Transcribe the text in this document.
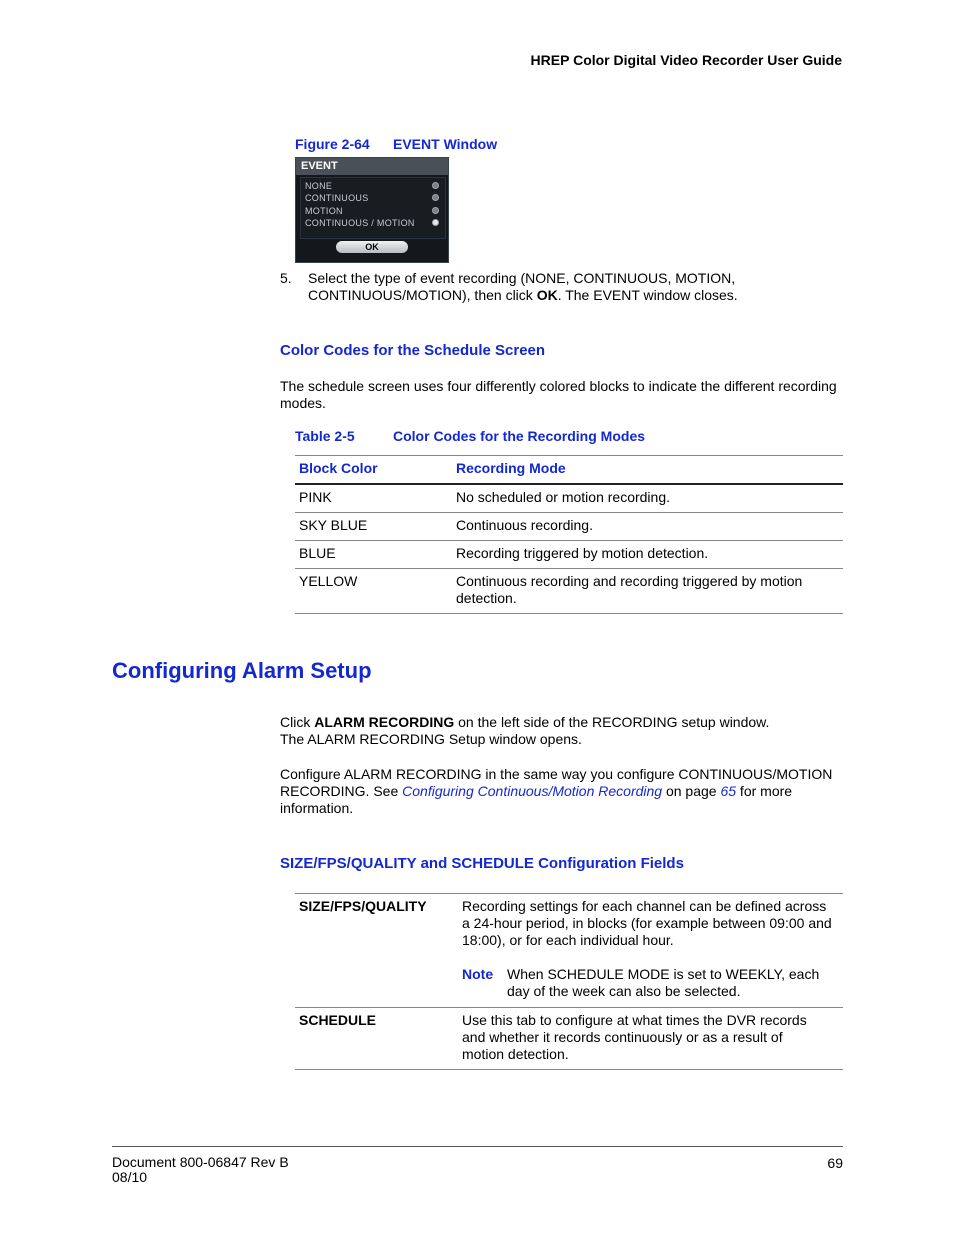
HREP Color Digital Video Recorder User Guide
Figure 2-64 EVENT Window
EVENT
NONE
CONTINUOUS
MOTION
CONTINUOUS / MOTION
OK
5. Select the type of event recording (NONE, CONTINUOUS, MOTION, CONTINUOUS/MOTION), then click OK. The EVENT window closes.
Color Codes for the Schedule Screen
The schedule screen uses four differently colored blocks to indicate the different recording modes.
Table 2-5	Color Codes for the Recording Modes
Block Color	Recording Mode
PINK	No scheduled or motion recording.
SKY BLUE	Continuous recording.
BLUE	Recording triggered by motion detection.
YELLOW	Continuous recording and recording triggered by motion detection.
Configuring Alarm Setup
Click ALARM RECORDING on the left side of the RECORDING setup window.
The ALARM RECORDING Setup window opens.
Configure ALARM RECORDING in the same way you configure CONTINUOUS/MOTION RECORDING. See Configuring Continuous/Motion Recording on page 65 for more information.
SIZE/FPS/QUALITY and SCHEDULE Configuration Fields
SIZE/FPS/QUALITY	Recording settings for each channel can be defined across a 24-hour period, in blocks (for example between 09:00 and 18:00), or for each individual hour.
Note When SCHEDULE MODE is set to WEEKLY, each day of the week can also be selected.
SCHEDULE	Use this tab to configure at what times the DVR records and whether it records continuously or as a result of motion detection.
Document 800-06847 Rev B
08/10
69
